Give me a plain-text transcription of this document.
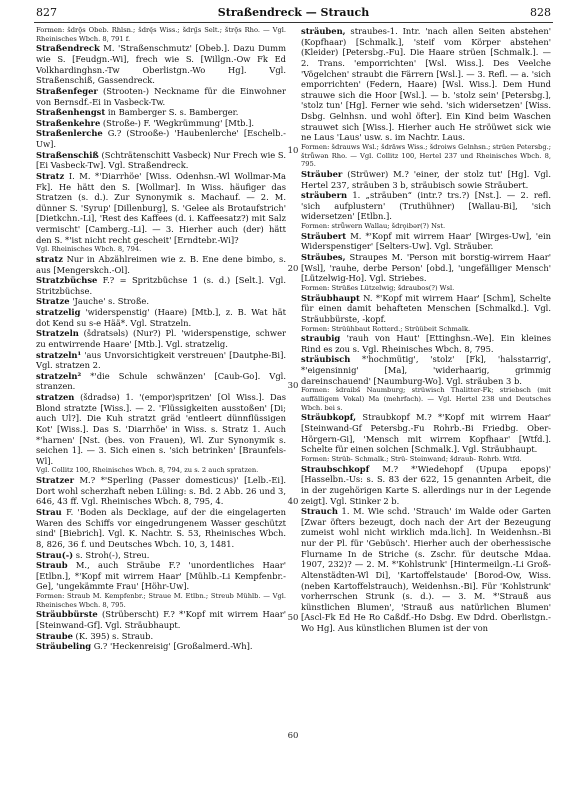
827	Straßendreck — Strauch	828

Formen: šdrǭs Obeb. Rhlsn.; šdrę̄s Wiss.; šdrṵ̄s Selt.; štrǭs Rho. — Vgl. Rheinisches Wbch. 8, 791 f.

Straßendreck M. 'Straßenschmutz' [Obeb.]. Dazu Dumm wie S. [Feudgn.-Wi], frech wie S. [Willgn.-Ow Fk Ed Volkhardinghsn.-Tw Oberlistgn.-Wo Hg]. Vgl. Straßenschiß, Gassendreck.

Straßenfeger (Strooten-) Neckname für die Einwohner von Bernsdf.-Ei in Vasbeck-Tw.

Straßenhengst in Bamberger S. s. Bamberger.

Straßenkehre (Stroße-) F. 'Wegkrümmung' [Mtb.].

Straßenlerche G.? (Strooße-) 'Haubenlerche' [Eschelb.-Uw].

Straßenschiß (Schträtenschitt Vasbeck) Nur Frech wie S. [Ei Vasbeck-Tw]. Vgl. Straßendreck.

Stratz I. M. *'Diarrhöe' [Wiss. Odenhsn.-Wl Wollmar-Ma Fk]. He hätt den S. [Wollmar]. In Wiss. häufiger das Stratzen (s. d.). Zur Synonymik s. Machauf. — 2. M. dünner S. 'Syrup' [Dillenburg], S. 'Gelee als Brotaufstrich' [Dietkchn.-Li], 'Rest des Kaffees (d. i. Kaffeesatz?) mit Salz vermischt' [Camberg.-Li]. — 3. Hierher auch (der) hätt den S. *'ist nicht recht gescheit' [Erndtebr.-Wi]?

Vgl. Rheinisches Wbch. 8, 794.

stratz Nur in Abzählreimen wie z. B. Ene dene bimbo, s. aus [Mengerskch.-Ol].

Stratzbüchse F.? = Spritzbüchse 1 (s. d.) [Selt.]. Vgl. Stritzbüchse.

Stratze 'Jauche' s. Stroße.

stratzelig 'widerspenstig' (Haare) [Mtb.], z. B. Wat hät dot Kend su s-e Hää*. Vgl. Stratzeln.

Stratzeln (šdratsәls) (Nur?) Pl. 'widerspenstige, schwer zu entwirrende Haare' [Mtb.]. Vgl. stratzelig.

stratzeln¹ 'aus Unvorsichtigkeit verstreuen' [Dautphe-Bi]. Vgl. stratzen 2.

stratzeln² *'die Schule schwänzen' [Caub-Go]. Vgl. stranzen.

stratzen (šdradsә) 1. '(empor)spritzen' [Ol Wiss.]. Das Blond stratzte [Wiss.]. — 2. 'Flüssigkeiten ausstoßen' [Di; auch Ul?]. Die Kuh stratzt gräd 'entleert dünnflüssigen Kot' [Wiss.]. Das S. 'Diarrhöe' in Wiss. s. Stratz 1. Auch *'harnen' [Nst. (bes. von Frauen), Wl. Zur Synonymik s. seichen 1]. — 3. Sich einen s. 'sich betrinken' [Braunfels-Wl].

Vgl. Collitz 100, Rheinisches Wbch. 8, 794, zu s. 2 auch spratzen.

Stratzer M.? *'Sperling (Passer domesticus)' [Lelb.-Ei]. Dort wohl scherzhaft neben Lüling: s. Bd. 2 Abb. 26 und 3, 646, 43 ff. Vgl. Rheinisches Wbch. 8, 795, 4.

Strau F. 'Boden als Decklage, auf der die eingelagerten Waren des Schiffs vor eingedrungenem Wasser geschützt sind' [Biebrich]. Vgl. K. Nachtr. S. 53, Rheinisches Wbch. 8, 826, 36 f. und Deutsches Wbch. 10, 3, 1481.

Strau(-) s. Stroh(-), Streu.

Straub M., auch Sträube F.? 'unordentliches Haar' [Etlbn.], *'Kopf mit wirrem Haar' [Mühlb.-Li Kempfenbr.-Ge], 'ungekämmte Frau' [Höhr-Uw].

Formen: Straub M. Kempfenbr.; Straue M. Etlbn.; Streub Mühlb. — Vgl. Rheinisches Wbch. 8, 795.

Sträubbürste (Strüberscht) F.? *'Kopf mit wirrem Haar' [Steinwand-Gf]. Vgl. Sträubhaupt.

Straube (K. 395) s. Straub.

Sträubeling G.? 'Heckenreisig' [Großalmerd.-Wh].

sträuben, straubes-1. Intr. 'nach allen Seiten abstehen' (Kopfhaar) [Schmalk.], 'steif vom Körper abstehen' (Kleider) [Petersbg.-Fu]. Die Haare strüen [Schmalk.]. — 2. Trans. 'emporrichten' [Wsl. Wiss.]. Des Veelche 'Vögelchen' straubt die Färrern [Wsl.]. — 3. Refl. — a. 'sich emporrichten' (Federn, Haare) [Wsl. Wiss.]. Dem Hund strauwe sich die Hoor [Wsl.]. — b. 'stolz sein' [Petersbg.], 'stolz tun' [Hg]. Ferner wie sehd. 'sich widersetzen' [Wiss. Dsbg. Gelnhsn. und wohl öfter]. Ein Kind beim Waschen strauwet sich [Wiss.]. Hierher auch He ströüwet sick wie ne Laus 'Laus' usw. s. im Nachtr. Laus.

Formen: šdrauws Wsl.; šdrāws Wiss.; šdroiws Gelnhsn.; strüen Petersbg.; štrǖwәn Rho. — Vgl. Collitz 100, Hertel 237 und Rheinisches Wbch. 8, 795.

Sträuber (Strüwer) M.? 'einer, der stolz tut' [Hg]. Vgl. Hertel 237, sträuben 3 b, sträubisch sowie Sträubert.

sträubern 1. „sträuben“ (intr.? trs.?) [Nst.]. — 2. refl. 'sich aufplustern' (Truthühner) [Wallau-Bi], 'sich widersetzen' [Etlbn.].

Formen: strǖwern Wallau; šdrǫibәr(?) Nst.

Sträubert M. *'Kopf mit wirrem Haar' [Wirges-Uw], 'ein Widerspenstiger' [Selters-Uw]. Vgl. Sträuber.

Sträubes, Straupes M. 'Person mit borstig-wirrem Haar' [Wsl], 'rauhe, derbe Person' [obd.], 'ungefälliger Mensch' [Lützelwig-Ho]. Vgl. Striebes.

Formen: Strüßes Lützelwig; šdraubos(?) Wsl.

Sträubhaupt N. *'Kopf mit wirrem Haar' [Schm], Schelte für einen damit behafteten Menschen [Schmalkd.]. Vgl. Sträubbürste, -kopf.

Formen: Strüühbaut Rotterd.; Strüübeit Schmalk.

straubig 'rauh von Haut' [Ettinghsn.-We]. Ein kleines Rind es zou s. Vgl. Rheinisches Wbch. 8, 795.

sträubisch *'hochmütig', 'stolz' [Fk], 'halsstarrig', *'eigensinnig' [Ma], 'widerhaarig, grimmig dareinschauend' [Naumburg-Wo]. Vgl. sträuben 3 b.

Formen: šdraibš Naumburg; strüwisch Thalitter-Fk; striebsch (mit auffälligem Vokal) Ma (mehrfach). — Vgl. Hertel 238 und Deutsches Wbch. bei s.

Sträubkopf, Straubkopf M.? *'Kopf mit wirrem Haar' [Steinwand-Gf Petersbg.-Fu Rohrb.-Bi Friedbg. Ober-Hörgern-Gi], 'Mensch mit wirrem Kopfhaar' [Wtfd.]. Schelte für einen solchen [Schmalk.]. Vgl. Sträubhaupt.

Formen: Strüb- Schmalk.; Strü- Steinwand; šdraub- Rohrb. Wtfd.

Straubschkopf M.? *'Wiedehopf (Upupa epops)' [Hasselbn.-Us: s. S. 83 der 622, 15 genannten Arbeit, die in der zugehörigen Karte S. allerdings nur in der Legende zeigt]. Vgl. Stinker 2 b.

Strauch 1. M. Wie schd. 'Strauch' im Walde oder Garten [Zwar öfters bezeugt, doch nach der Art der Bezeugung zumeist wohl nicht wirklich mdа.lich]. In Weidenhsn.-Bi nur der Pl. für 'Gebüsch'. Hierher auch der oberhessische Flurname In de Striche (s. Zschr. für deutsche Mdaa. 1907, 232)? — 2. M. *'Kohlstrunk' [Hintermeilgn.-Li Groß-Altenstädten-Wl Di], 'Kartoffelstaude' [Borod-Ow, Wiss. (neben Kartoffelstrauch), Weidenhsn.-Bi]. Für 'Kohlstrunk' vorherrschen Strunk (s. d.). — 3. M. *'Strauß aus künstlichen Blumen', 'Strauß aus natürlichen Blumen' [Ascl-Fk Ed He Ro Caßdf.-Ho Dsbg. Ew Ddrd. Oberlistgn.-Wo Hg]. Aus künstlichen Blumen ist der von

10
20
30
40
50
60
